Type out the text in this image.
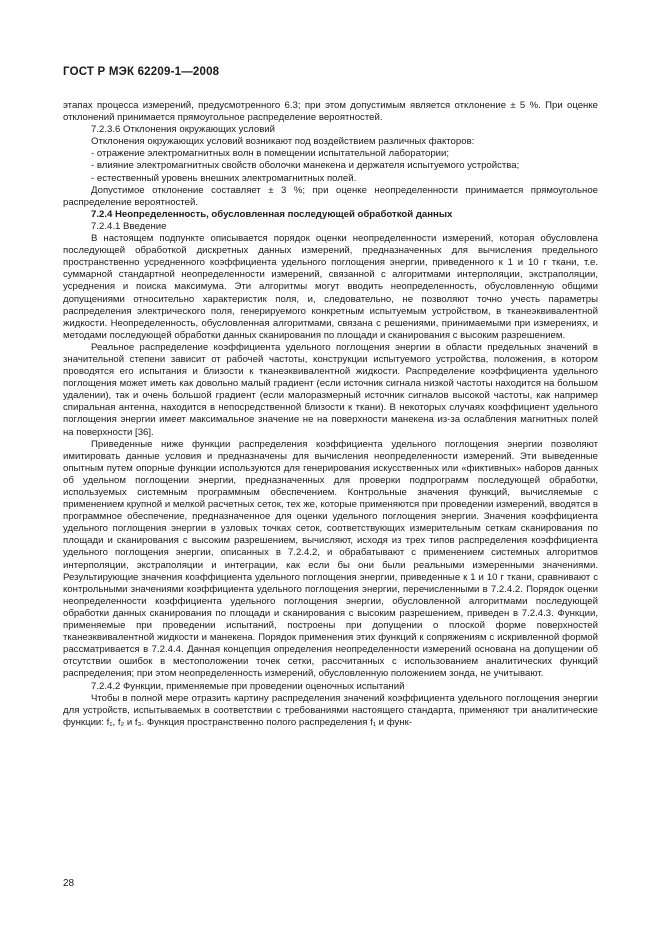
ГОСТ Р МЭК 62209-1—2008

этапах процесса измерений, предусмотренного 6.3; при этом допустимым является отклонение ± 5 %. При оценке отклонений принимается прямоугольное распределение вероятностей.

7.2.3.6 Отклонения окружающих условий

Отклонения окружающих условий возникают под воздействием различных факторов:

- отражение электромагнитных волн в помещении испытательной лаборатории;

- влияние электромагнитных свойств оболочки манекена и держателя испытуемого устройства;

- естественный уровень внешних электромагнитных полей.

Допустимое отклонение составляет ± 3 %; при оценке неопределенности принимается прямоугольное распределение вероятностей.

7.2.4 Неопределенность, обусловленная последующей обработкой данных

7.2.4.1 Введение

В настоящем подпункте описывается порядок оценки неопределенности измерений, которая обусловлена последующей обработкой дискретных данных измерений, предназначенных для вычисления предельного пространственно усредненного коэффициента удельного поглощения энергии, приведенного к 1 и 10 г ткани, т.е. суммарной стандартной неопределенности измерений, связанной с алгоритмами интерполяции, экстраполяции, усреднения и поиска максимума. Эти алгоритмы могут вводить неопределенность, обусловленную общими допущениями относительно характеристик поля, и, следовательно, не позволяют точно учесть параметры распределения электрического поля, генерируемого конкретным испытуемым устройством, в тканеэквивалентной жидкости. Неопределенность, обусловленная алгоритмами, связана с решениями, принимаемыми при измерениях, и методами последующей обработки данных сканирования по площади и сканирования с высоким разрешением.

Реальное распределение коэффициента удельного поглощения энергии в области предельных значений в значительной степени зависит от рабочей частоты, конструкции испытуемого устройства, положения, в котором проводятся его испытания и близости к тканеэквивалентной жидкости. Распределение коэффициента удельного поглощения может иметь как довольно малый градиент (если источник сигнала низкой частоты находится на большом удалении), так и очень большой градиент (если малоразмерный источник сигналов высокой частоты, как например спиральная антенна, находится в непосредственной близости к ткани). В некоторых случаях коэффициент удельного поглощения энергии имеет максимальное значение не на поверхности манекена из-за ослабления магнитных полей на поверхности [36].

Приведенные ниже функции распределения коэффициента удельного поглощения энергии позволяют имитировать данные условия и предназначены для вычисления неопределенности измерений. Эти выведенные опытным путем опорные функции используются для генерирования искусственных или «фиктивных» наборов данных об удельном поглощении энергии, предназначенных для проверки подпрограмм последующей обработки, используемых системным программным обеспечением. Контрольные значения функций, вычисляемые с применением крупной и мелкой расчетных сеток, тех же, которые применяются при проведении измерений, вводятся в программное обеспечение, предназначенное для оценки удельного поглощения энергии. Значения коэффициента удельного поглощения энергии в узловых точках сеток, соответствующих измерительным сеткам сканирования по площади и сканирования с высоким разрешением, вычисляют, исходя из трех типов распределения коэффициента удельного поглощения энергии, описанных в 7.2.4.2, и обрабатывают с применением системных алгоритмов интерполяции, экстраполяции и интеграции, как если бы они были реальными измеренными значениями. Результирующие значения коэффициента удельного поглощения энергии, приведенные к 1 и 10 г ткани, сравнивают с контрольными значениями коэффициента удельного поглощения энергии, перечисленными в 7.2.4.2. Порядок оценки неопределенности коэффициента удельного поглощения энергии, обусловленной алгоритмами последующей обработки данных сканирования по площади и сканирования с высоким разрешением, приведен в 7.2.4.3. Функции, применяемые при проведении испытаний, построены при допущении о плоской форме поверхностей тканеэквивалентной жидкости и манекена. Порядок применения этих функций к сопряжениям с искривленной формой рассматривается в 7.2.4.4. Данная концепция определения неопределенности измерений основана на допущении об отсутствии ошибок в местоположении точек сетки, рассчитанных с использованием аналитических функций распределения; при этом неопределенность измерений, обусловленную положением зонда, не учитывают.

7.2.4.2 Функции, применяемые при проведении оценочных испытаний

Чтобы в полной мере отразить картину распределения значений коэффициента удельного поглощения энергии для устройств, испытываемых в соответствии с требованиями настоящего стандарта, применяют три аналитические функции: f₁, f₂ и f₃. Функция пространственно полого распределения f₁ и функ-

28
